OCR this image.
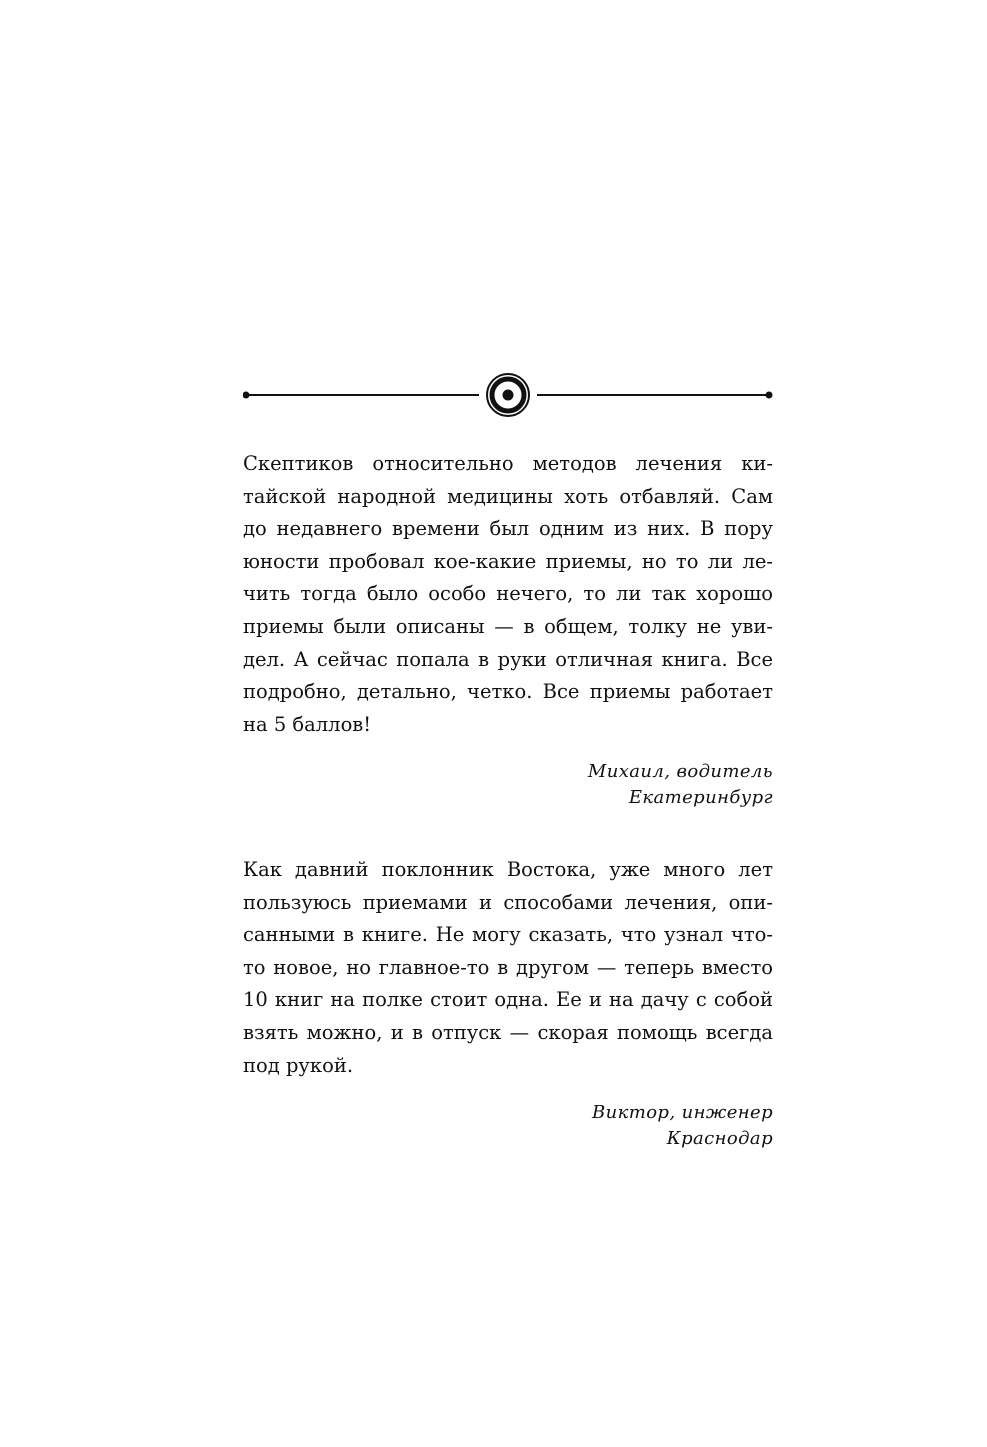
Скептиков относительно методов лечения ки-
тайской народной медицины хоть отбавляй. Сам
до недавнего времени был одним из них. В пору
юности пробовал кое-какие приемы, но то ли ле-
чить тогда было особо нечего, то ли так хорошо
приемы были описаны — в общем, толку не уви-
дел. А сейчас попала в руки отличная книга. Все
подробно, детально, четко. Все приемы работает
на 5 баллов!

Михаил, водитель
Екатеринбург

Как давний поклонник Востока, уже много лет
пользуюсь приемами и способами лечения, опи-
санными в книге. Не могу сказать, что узнал что-
то новое, но главное-то в другом — теперь вместо
10 книг на полке стоит одна. Ее и на дачу с собой
взять можно, и в отпуск — скорая помощь всегда
под рукой.

Виктор, инженер
Краснодар
